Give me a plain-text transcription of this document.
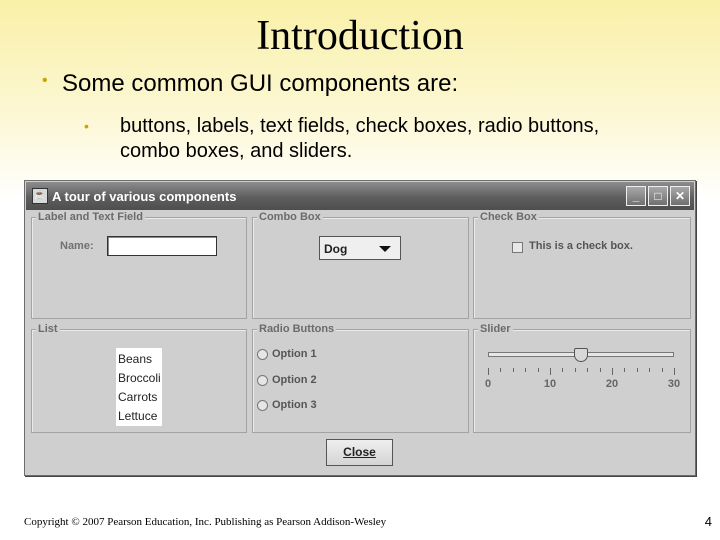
Introduction
• Some common GUI components are:
•	buttons, labels, text fields, check boxes, radio buttons, combo boxes, and sliders.
☕ A tour of various components	_	□	✕
Label and Text Field
Name:
Combo Box
Dog
Check Box
This is a check box.
List
Beans
Broccoli
Carrots
Lettuce
Radio Buttons
Option 1
Option 2
Option 3
Slider
0	10	20	30
Close
Copyright © 2007 Pearson Education, Inc. Publishing as Pearson Addison-Wesley	4
